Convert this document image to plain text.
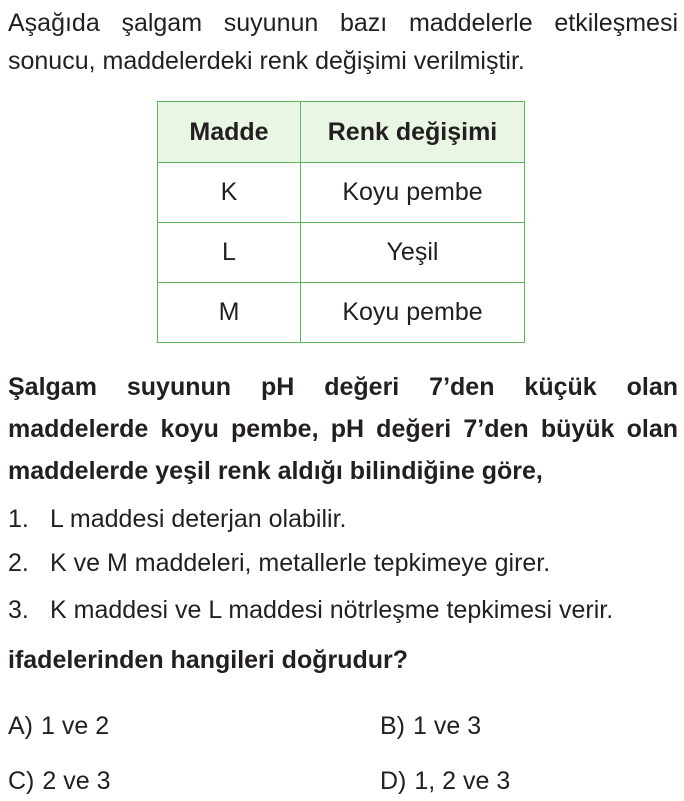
Aşağıda şalgam suyunun bazı maddelerle etkileşmesi sonucu, maddelerdeki renk değişimi verilmiştir.

Madde	Renk değişimi
K	Koyu pembe
L	Yeşil
M	Koyu pembe

Şalgam suyunun pH değeri 7’den küçük olan maddelerde koyu pembe, pH değeri 7’den büyük olan maddelerde yeşil renk aldığı bilindiğine göre,

1. L maddesi deterjan olabilir.
2. K ve M maddeleri, metallerle tepkimeye girer.
3. K maddesi ve L maddesi nötrleşme tepkimesi verir.

ifadelerinden hangileri doğrudur?

A) 1 ve 2	B) 1 ve 3
C) 2 ve 3	D) 1, 2 ve 3
